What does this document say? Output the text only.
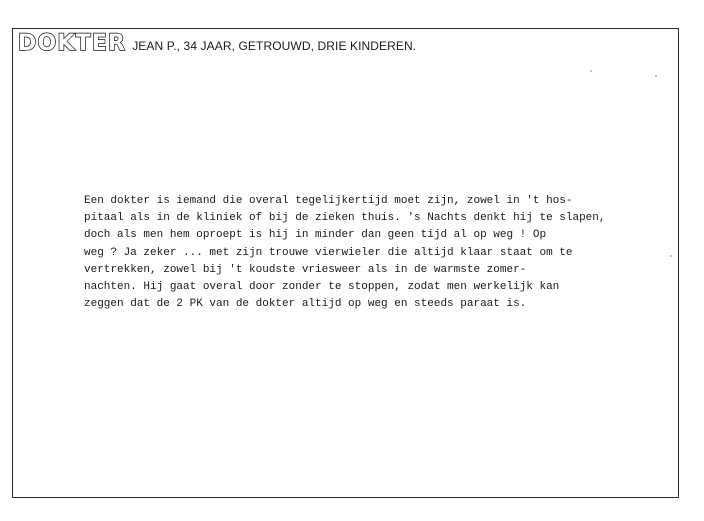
DOKTER JEAN P., 34 JAAR, GETROUWD, DRIE KINDEREN.
Een dokter is iemand die overal tegelijkertijd moet zijn, zowel in 't hos-
pitaal als in de kliniek of bij de zieken thuis. 's Nachts denkt hij te slapen,
doch als men hem oproept is hij in minder dan geen tijd al op weg ! Op
weg ? Ja zeker ... met zijn trouwe vierwieler die altijd klaar staat om te
vertrekken, zowel bij 't koudste vriesweer als in de warmste zomer-
nachten. Hij gaat overal door zonder te stoppen, zodat men werkelijk kan
zeggen dat de 2 PK van de dokter altijd op weg en steeds paraat is.
